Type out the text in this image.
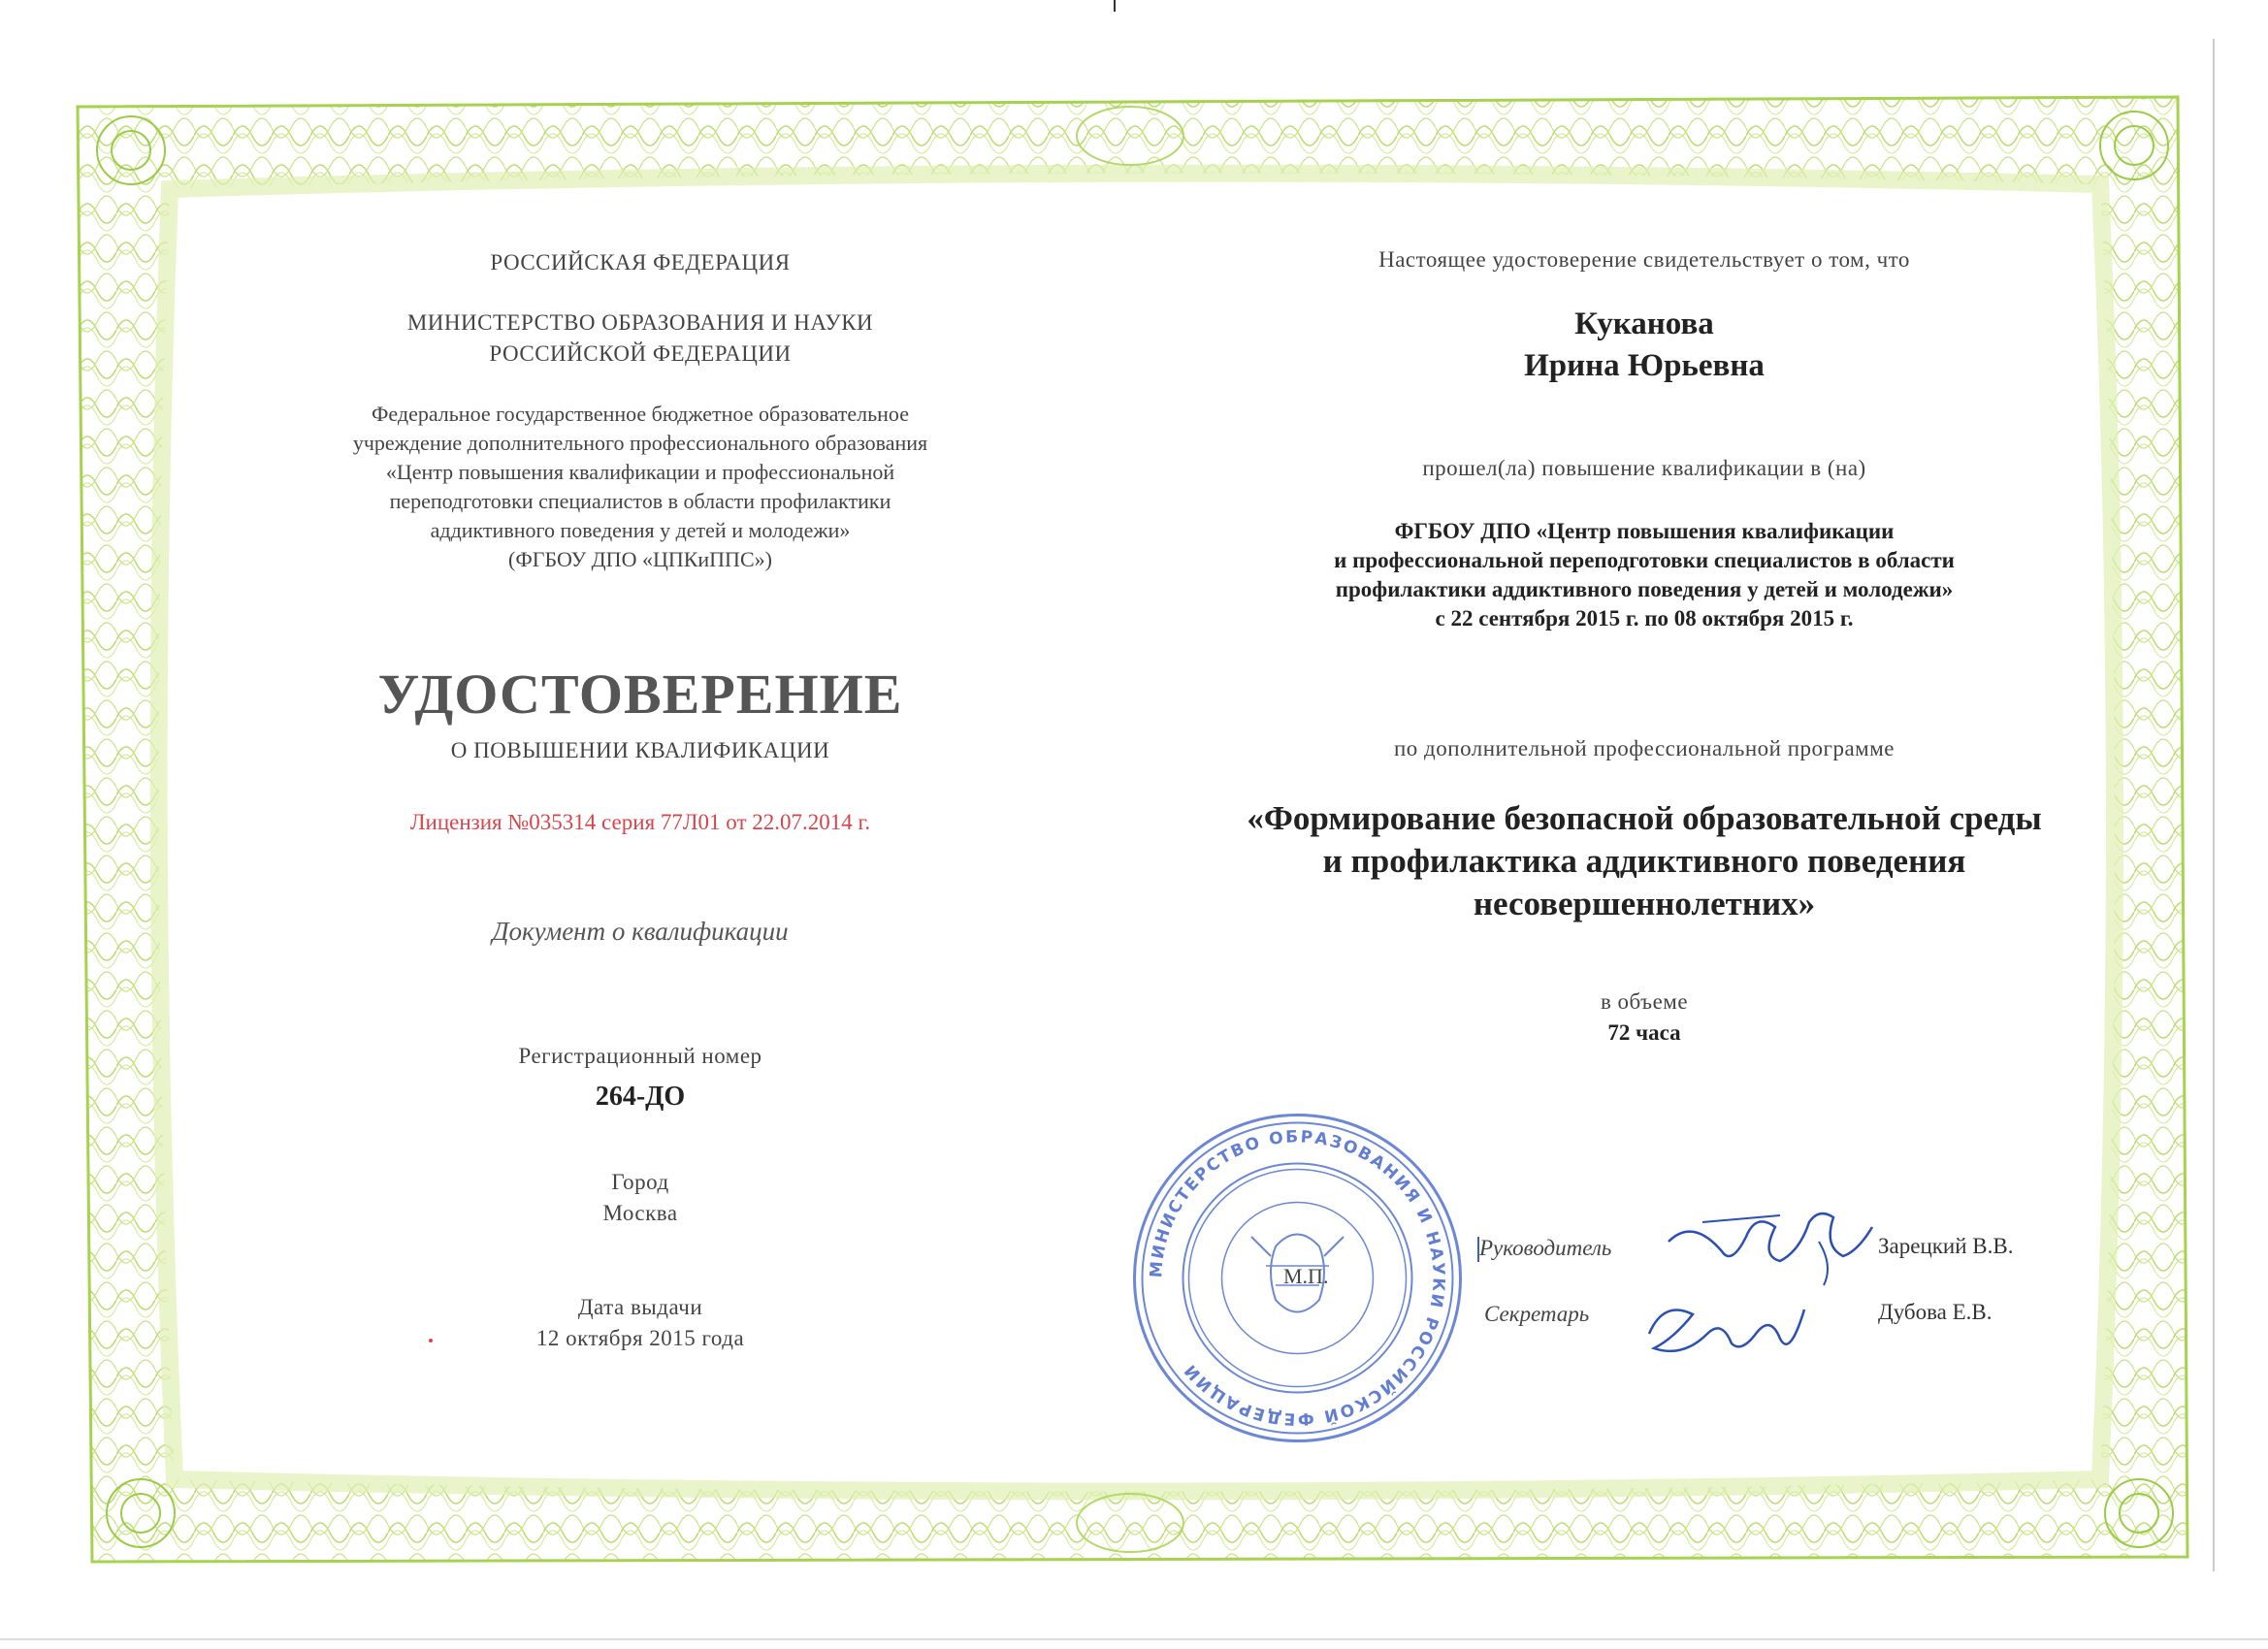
РОССИЙСКАЯ ФЕДЕРАЦИЯ
МИНИСТЕРСТВО ОБРАЗОВАНИЯ И НАУКИ
РОССИЙСКОЙ ФЕДЕРАЦИИ
Федеральное государственное бюджетное образовательное
учреждение дополнительного профессионального образования
«Центр повышения квалификации и профессиональной
переподготовки специалистов в области профилактики
аддиктивного поведения у детей и молодежи»
(ФГБОУ ДПО «ЦПКиППС»)
УДОСТОВЕРЕНИЕ
О ПОВЫШЕНИИ КВАЛИФИКАЦИИ
Лицензия №035314 серия 77Л01 от 22.07.2014 г.
Документ о квалификации
Регистрационный номер
264-ДО
Город
Москва
Дата выдачи
12 октября 2015 года
Настоящее удостоверение свидетельствует о том, что
Куканова
Ирина Юрьевна
прошел(ла) повышение квалификации в (на)
ФГБОУ ДПО «Центр повышения квалификации
и профессиональной переподготовки специалистов в области
профилактики аддиктивного поведения у детей и молодежи»
с 22 сентября 2015 г. по 08 октября 2015 г.
по дополнительной профессиональной программе
«Формирование безопасной образовательной среды
и профилактика аддиктивного поведения
несовершеннолетних»
в объеме
72 часа
МИНИСТЕРСТВО ОБРАЗОВАНИЯ И НАУКИ РОССИЙСКОЙ ФЕДЕРАЦИИ
М.П.
Руководитель	Зарецкий В.В.
Секретарь	Дубова Е.В.
